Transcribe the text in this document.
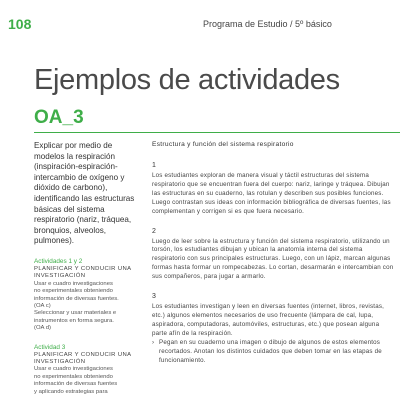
108	Programa de Estudio / 5º básico
Ejemplos de actividades
OA_3

Explicar por medio de modelos la respiración (inspiración-espiración-intercambio de oxígeno y dióxido de carbono), identificando las estructuras básicas del sistema respiratorio (nariz, tráquea, bronquios, alveolos, pulmones).

Actividades 1 y 2

PLANIFICAR Y CONDUCIR UNA

INVESTIGACIÓN

Usar e cuadro investigaciones

no experimentales obteniendo

información de diversas fuentes.

(OA c)

Seleccionar y usar materiales e

instrumentos en forma segura.

(OA d)

Actividad 3

PLANIFICAR Y CONDUCIR UNA

INVESTIGACIÓN

Usar e cuadro investigaciones

no experimentales obteniendo

información de diversas fuentes

y aplicando estrategias para

Estructura y función del sistema respiratorio

1

Los estudiantes exploran de manera visual y táctil estructuras del sistema respiratorio que se encuentran fuera del cuerpo: nariz, laringe y tráquea. Dibujan las estructuras en su cuaderno, las rotulan y describen sus posibles funciones. Luego contrastan sus ideas con información bibliográfica de diversas fuentes, las complementan y corrigen si es que fuera necesario.

2

Luego de leer sobre la estructura y función del sistema respiratorio, utilizando un torsón, los estudiantes dibujan y ubican la anatomía interna del sistema respiratorio con sus principales estructuras. Luego, con un lápiz, marcan algunas formas hasta formar un rompecabezas. Lo cortan, desarmarán e intercambian con sus compañeros, para jugar a armarlo.

3

Los estudiantes investigan y leen en diversas fuentes (internet, libros, revistas, etc.) algunos elementos necesarios de uso frecuente (lámpara de cal, lupa, aspiradora, computadoras, automóviles, estructuras, etc.) que posean alguna parte afín de la respiración.

› Pegan en su cuaderno una imagen o dibujo de algunos de estos elementos recortados. Anotan los distintos cuidados que deben tomar en las etapas de funcionamiento.
